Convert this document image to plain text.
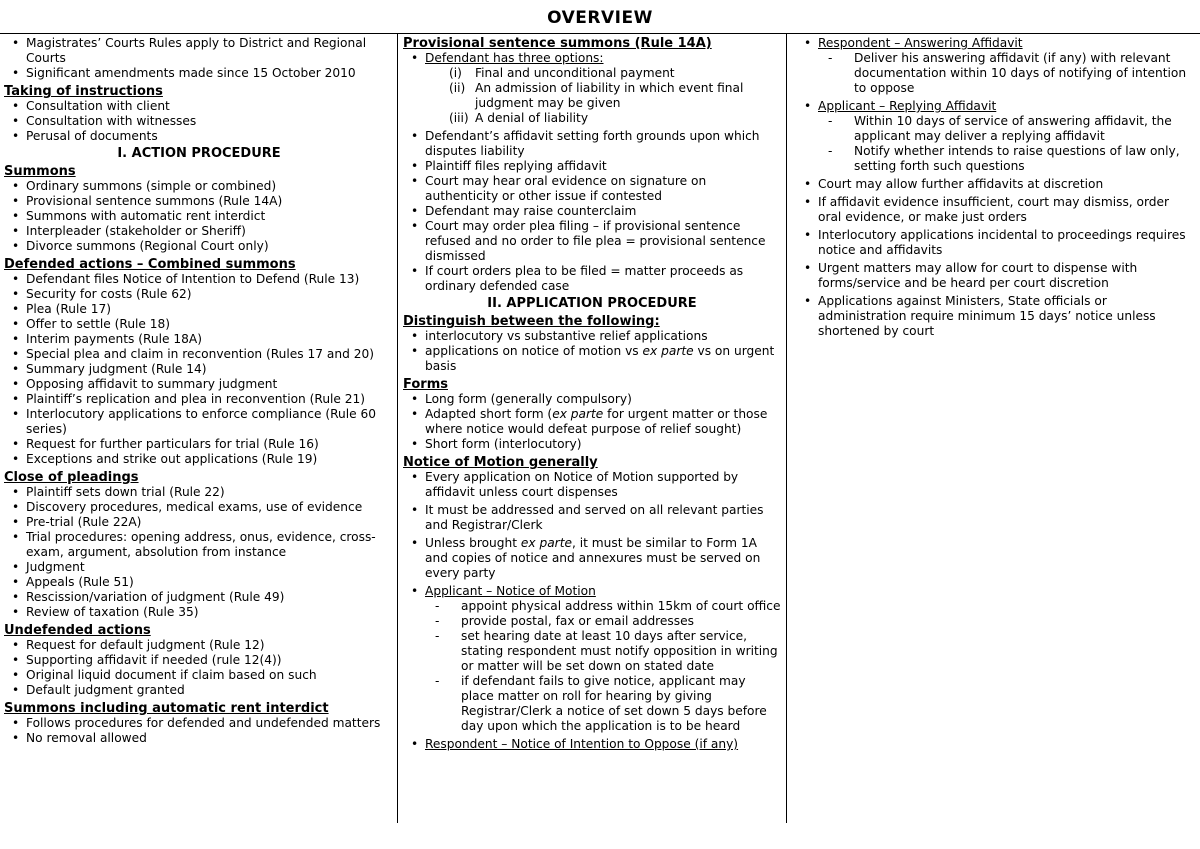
OVERVIEW
• Magistrates’ Courts Rules apply to District and Regional Courts
• Significant amendments made since 15 October 2010
Taking of instructions
• Consultation with client
• Consultation with witnesses
• Perusal of documents
I. ACTION PROCEDURE
Summons
• Ordinary summons (simple or combined)
• Provisional sentence summons (Rule 14A)
• Summons with automatic rent interdict
• Interpleader (stakeholder or Sheriff)
• Divorce summons (Regional Court only)
Defended actions – Combined summons
• Defendant files Notice of Intention to Defend (Rule 13)
• Security for costs (Rule 62)
• Plea (Rule 17)
• Offer to settle (Rule 18)
• Interim payments (Rule 18A)
• Special plea and claim in reconvention (Rules 17 and 20)
• Summary judgment (Rule 14)
• Opposing affidavit to summary judgment
• Plaintiff’s replication and plea in reconvention (Rule 21)
• Interlocutory applications to enforce compliance (Rule 60 series)
• Request for further particulars for trial (Rule 16)
• Exceptions and strike out applications (Rule 19)
Close of pleadings
• Plaintiff sets down trial (Rule 22)
• Discovery procedures, medical exams, use of evidence
• Pre-trial (Rule 22A)
• Trial procedures: opening address, onus, evidence, cross-exam, argument, absolution from instance
• Judgment
• Appeals (Rule 51)
• Rescission/variation of judgment (Rule 49)
• Review of taxation (Rule 35)
Undefended actions
• Request for default judgment (Rule 12)
• Supporting affidavit if needed (rule 12(4))
• Original liquid document if claim based on such
• Default judgment granted
Summons including automatic rent interdict
• Follows procedures for defended and undefended matters
• No removal allowed
Provisional sentence summons (Rule 14A)
• Defendant has three options:
(i)	Final and unconditional payment
(ii) An admission of liability in which event final judgment may be given
(iii) A denial of liability
• Defendant’s affidavit setting forth grounds upon which disputes liability
• Plaintiff files replying affidavit
• Court may hear oral evidence on signature on authenticity or other issue if contested
• Defendant may raise counterclaim
• Court may order plea filing – if provisional sentence refused and no order to file plea = provisional sentence dismissed
• If court orders plea to be filed = matter proceeds as ordinary defended case
II. APPLICATION PROCEDURE
Distinguish between the following:
• interlocutory vs substantive relief applications
• applications on notice of motion vs ex parte vs on urgent basis
Forms
• Long form (generally compulsory)
• Adapted short form (ex parte for urgent matter or those where notice would defeat purpose of relief sought)
• Short form (interlocutory)
Notice of Motion generally
• Every application on Notice of Motion supported by affidavit unless court dispenses
• It must be addressed and served on all relevant parties and Registrar/Clerk
• Unless brought ex parte, it must be similar to Form 1A and copies of notice and annexures must be served on every party
• Applicant – Notice of Motion
- appoint physical address within 15km of court office
- provide postal, fax or email addresses
- set hearing date at least 10 days after service, stating respondent must notify opposition in writing or matter will be set down on stated date
- if defendant fails to give notice, applicant may place matter on roll for hearing by giving Registrar/Clerk a notice of set down 5 days before day upon which the application is to be heard
• Respondent – Notice of Intention to Oppose (if any)
• Respondent – Answering Affidavit
- Deliver his answering affidavit (if any) with relevant documentation within 10 days of notifying of intention to oppose
• Applicant – Replying Affidavit
- Within 10 days of service of answering affidavit, the applicant may deliver a replying affidavit
- Notify whether intends to raise questions of law only, setting forth such questions
• Court may allow further affidavits at discretion
• If affidavit evidence insufficient, court may dismiss, order oral evidence, or make just orders
• Interlocutory applications incidental to proceedings requires notice and affidavits
• Urgent matters may allow for court to dispense with forms/service and be heard per court discretion
• Applications against Ministers, State officials or administration require minimum 15 days’ notice unless shortened by court
